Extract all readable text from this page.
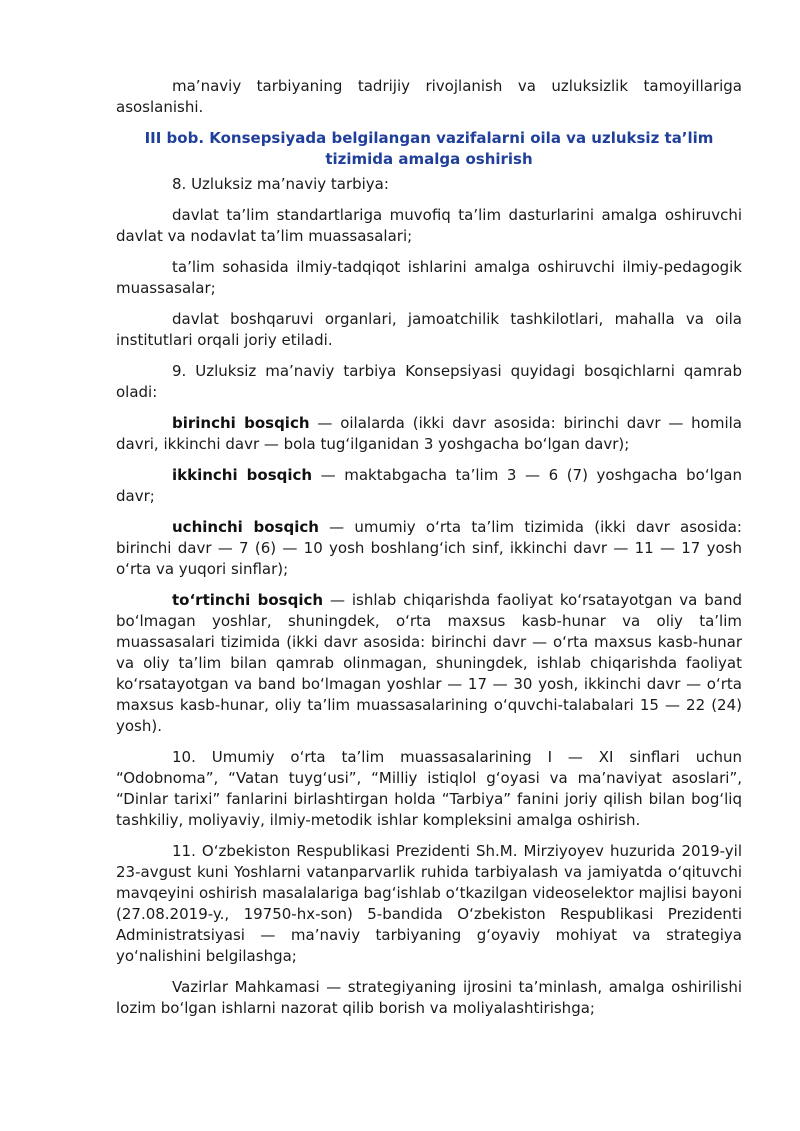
ma’naviy tarbiyaning tadrijiy rivojlanish va uzluksizlik tamoyillariga asoslanishi.

III bob. Konsepsiyada belgilangan vazifalarni oila va uzluksiz ta’lim tizimida amalga oshirish

8. Uzluksiz ma’naviy tarbiya:

davlat ta’lim standartlariga muvofiq ta’lim dasturlarini amalga oshiruvchi davlat va nodavlat ta’lim muassasalari;

ta’lim sohasida ilmiy-tadqiqot ishlarini amalga oshiruvchi ilmiy-pedagogik muassasalar;

davlat boshqaruvi organlari, jamoatchilik tashkilotlari, mahalla va oila institutlari orqali joriy etiladi.

9. Uzluksiz ma’naviy tarbiya Konsepsiyasi quyidagi bosqichlarni qamrab oladi:

birinchi bosqich — oilalarda (ikki davr asosida: birinchi davr — homila davri, ikkinchi davr — bola tug‘ilganidan 3 yoshgacha bo‘lgan davr);

ikkinchi bosqich — maktabgacha ta’lim 3 — 6 (7) yoshgacha bo‘lgan davr;

uchinchi bosqich — umumiy o‘rta ta’lim tizimida (ikki davr asosida: birinchi davr — 7 (6) — 10 yosh boshlang‘ich sinf, ikkinchi davr — 11 — 17 yosh o‘rta va yuqori sinflar);

to‘rtinchi bosqich — ishlab chiqarishda faoliyat ko‘rsatayotgan va band bo‘lmagan yoshlar, shuningdek, o‘rta maxsus kasb-hunar va oliy ta’lim muassasalari tizimida (ikki davr asosida: birinchi davr — o‘rta maxsus kasb-hunar va oliy ta’lim bilan qamrab olinmagan, shuningdek, ishlab chiqarishda faoliyat ko‘rsatayotgan va band bo‘lmagan yoshlar — 17 — 30 yosh, ikkinchi davr — o‘rta maxsus kasb-hunar, oliy ta’lim muassasalarining o‘quvchi-talabalari 15 — 22 (24) yosh).

10. Umumiy o‘rta ta’lim muassasalarining I — XI sinflari uchun “Odobnoma”, “Vatan tuyg‘usi”, “Milliy istiqlol g‘oyasi va ma’naviyat asoslari”, “Dinlar tarixi” fanlarini birlashtirgan holda “Tarbiya” fanini joriy qilish bilan bog‘liq tashkiliy, moliyaviy, ilmiy-metodik ishlar kompleksini amalga oshirish.

11. O‘zbekiston Respublikasi Prezidenti Sh.M. Mirziyoyev huzurida 2019-yil 23-avgust kuni Yoshlarni vatanparvarlik ruhida tarbiyalash va jamiyatda o‘qituvchi mavqeyini oshirish masalalariga bag‘ishlab o‘tkazilgan videoselektor majlisi bayoni (27.08.2019-y., 19750-hx-son) 5-bandida O‘zbekiston Respublikasi Prezidenti Administratsiyasi — ma’naviy tarbiyaning g‘oyaviy mohiyat va strategiya yo‘nalishini belgilashga;

Vazirlar Mahkamasi — strategiyaning ijrosini ta’minlash, amalga oshirilishi lozim bo‘lgan ishlarni nazorat qilib borish va moliyalashtirishga;
